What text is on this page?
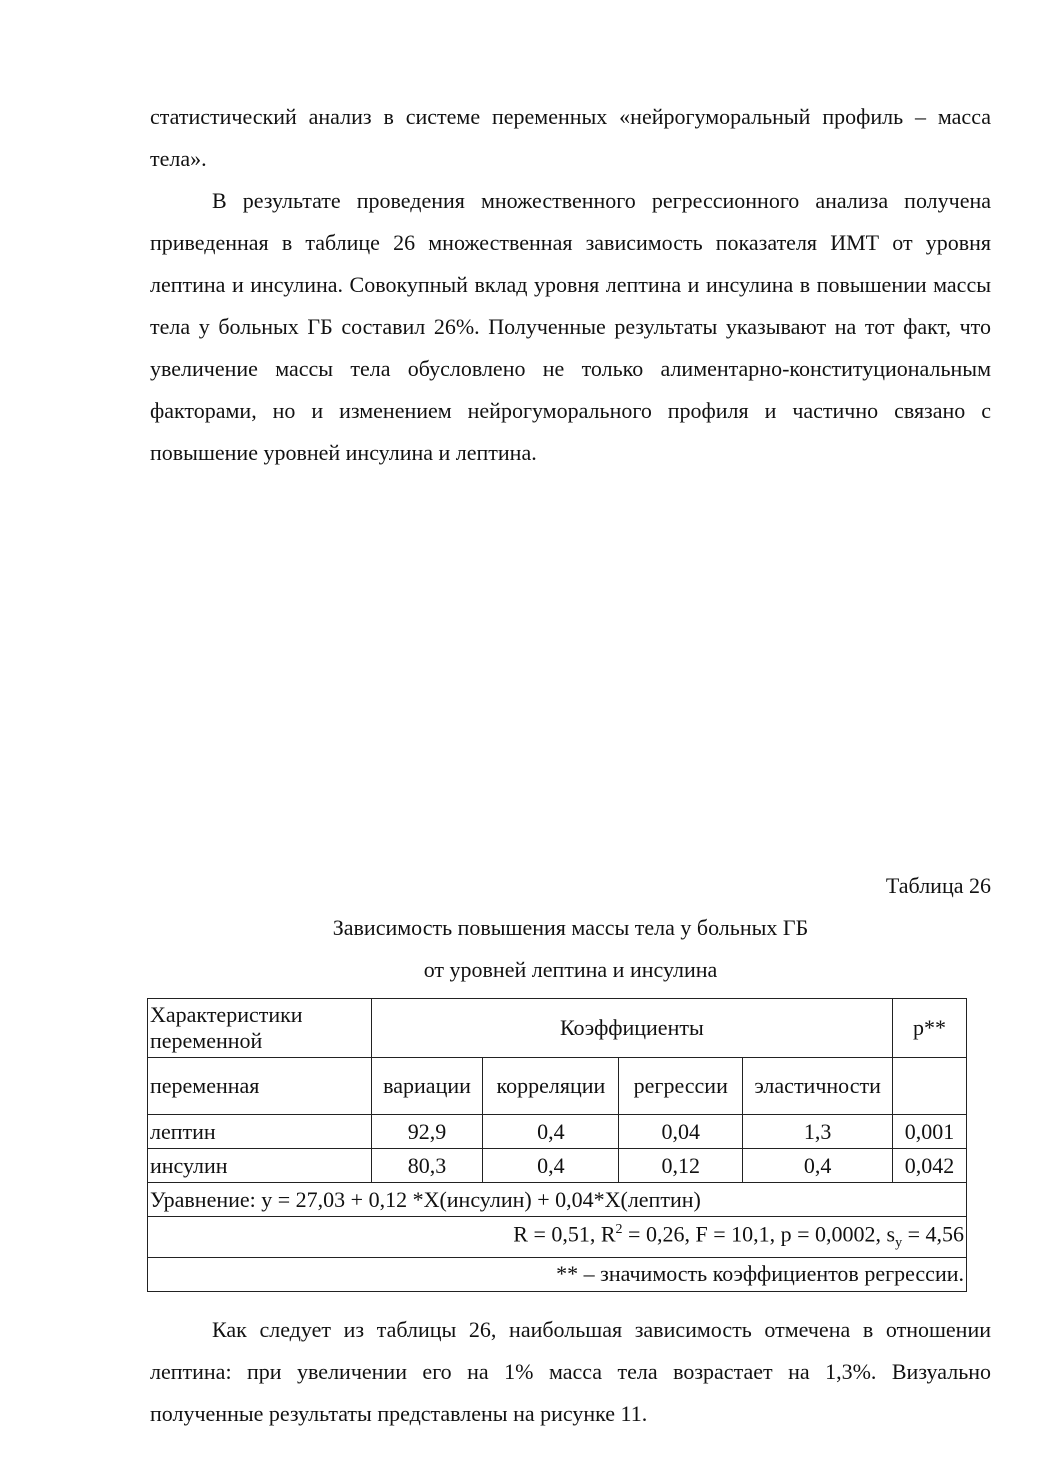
статистический анализ в системе переменных «нейрогуморальный профиль – масса тела».

В результате проведения множественного регрессионного анализа получена приведенная в таблице 26 множественная зависимость показателя ИМТ от уровня лептина и инсулина. Совокупный вклад уровня лептина и инсулина в повышении массы тела у больных ГБ составил 26%. Полученные результаты указывают на тот факт, что увеличение массы тела обусловлено не только алиментарно-конституциональным факторами, но и изменением нейрогуморального профиля и частично связано с повышение уровней инсулина и лептина.

Таблица 26
Зависимость повышения массы тела у больных ГБ
от уровней лептина и инсулина
Характеристики переменной	Коэффициенты				p**
переменная	вариации	корреляции	регрессии	эластичности	
лептин	92,9	0,4	0,04	1,3	0,001
инсулин	80,3	0,4	0,12	0,4	0,042
Уравнение: y = 27,03 + 0,12 *X(инсулин) + 0,04*X(лептин)					
R = 0,51, $R^2 = 0,26$, F = 10,1, p = 0,0002, $s_y = 4,56$					
** – значимость коэффициентов регрессии.					

Как следует из таблицы 26, наибольшая зависимость отмечена в отношении лептина: при увеличении его на 1% масса тела возрастает на 1,3%. Визуально полученные результаты представлены на рисунке 11.
